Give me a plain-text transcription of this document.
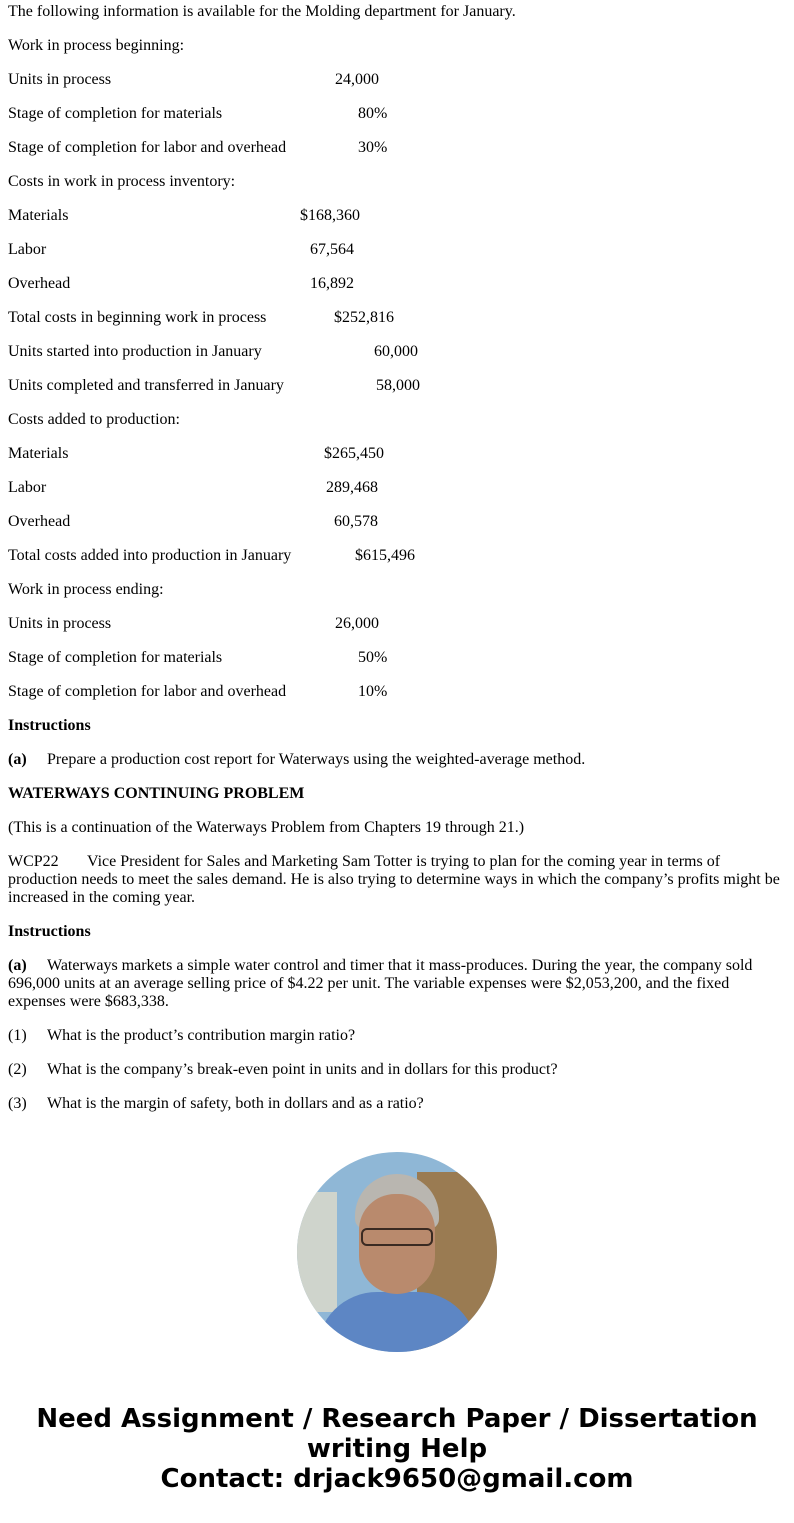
The following information is available for the Molding department for January.

Work in process beginning:

Units in process	24,000

Stage of completion for materials	80%

Stage of completion for labor and overhead	30%

Costs in work in process inventory:

Materials	$168,360

Labor	67,564

Overhead	16,892

Total costs in beginning work in process	$252,816

Units started into production in January	60,000

Units completed and transferred in January	58,000

Costs added to production:

Materials	$265,450

Labor	289,468

Overhead	60,578

Total costs added into production in January	$615,496

Work in process ending:

Units in process	26,000

Stage of completion for materials	50%

Stage of completion for labor and overhead	10%

Instructions

(a) Prepare a production cost report for Waterways using the weighted-average method.

WATERWAYS CONTINUING PROBLEM

(This is a continuation of the Waterways Problem from Chapters 19 through 21.)

WCP22 Vice President for Sales and Marketing Sam Totter is trying to plan for the coming year in terms of production needs to meet the sales demand. He is also trying to determine ways in which the company’s profits might be increased in the coming year.

Instructions

(a) Waterways markets a simple water control and timer that it mass-produces. During the year, the company sold 696,000 units at an average selling price of $4.22 per unit. The variable expenses were $2,053,200, and the fixed expenses were $683,338.

(1) What is the product’s contribution margin ratio?

(2) What is the company’s break-even point in units and in dollars for this product?

(3) What is the margin of safety, both in dollars and as a ratio?

Need Assignment / Research Paper / Dissertation writing Help
Contact: drjack9650@gmail.com
